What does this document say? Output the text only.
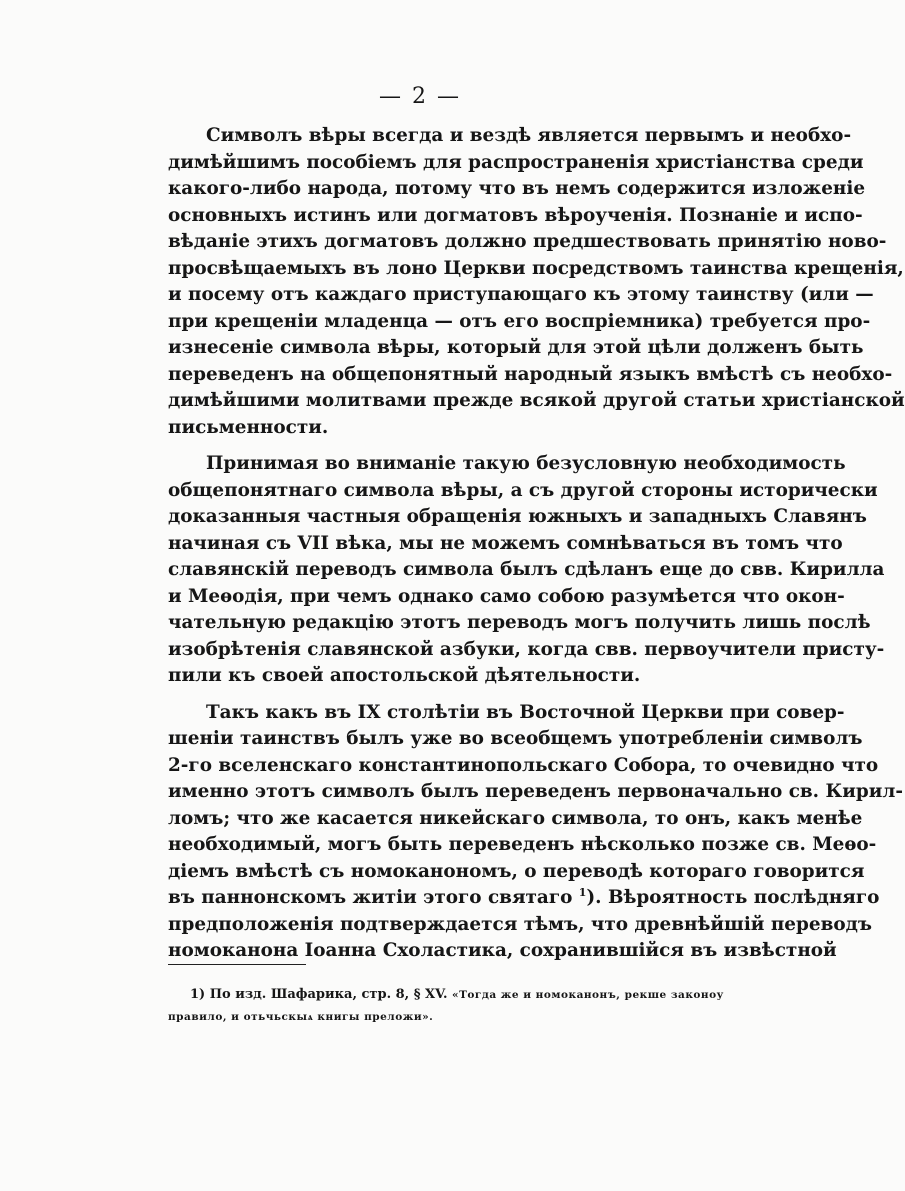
— 2 —

Символъ вѣры всегда и вездѣ является первымъ и необхо-
димѣйшимъ пособіемъ для распространенія христіанства среди
какого-либо народа, потому что въ немъ содержится изложеніе
основныхъ истинъ или догматовъ вѣроученія. Познаніе и испо-
вѣданіе этихъ догматовъ должно предшествовать принятію ново-
просвѣщаемыхъ въ лоно Церкви посредствомъ таинства крещенія,
и посему отъ каждаго приступающаго къ этому таинству (или —
при крещеніи младенца — отъ его воспріемника) требуется про-
изнесеніе символа вѣры, который для этой цѣли долженъ быть
переведенъ на общепонятный народный языкъ вмѣстѣ съ необхо-
димѣйшими молитвами прежде всякой другой статьи христіанской
письменности.

Принимая во вниманіе такую безусловную необходимость
общепонятнаго символа вѣры, а съ другой стороны исторически
доказанныя частныя обращенія южныхъ и западныхъ Славянъ
начиная съ VII вѣка, мы не можемъ сомнѣваться въ томъ что
славянскій переводъ символа былъ сдѣланъ еще до свв. Кирилла
и Меѳодія, при чемъ однако само собою разумѣется что окон-
чательную редакцію этотъ переводъ могъ получить лишь послѣ
изобрѣтенія славянской азбуки, когда свв. первоучители присту-
пили къ своей апостольской дѣятельности.

Такъ какъ въ IX столѣтіи въ Восточной Церкви при совер-
шеніи таинствъ былъ уже во всеобщемъ употребленіи символъ
2-го вселенскаго константинопольскаго Собора, то очевидно что
именно этотъ символъ былъ переведенъ первоначально св. Кирил-
ломъ; что же касается никейскаго символа, то онъ, какъ менѣе
необходимый, могъ быть переведенъ нѣсколько позже св. Меѳо-
діемъ вмѣстѣ съ номоканономъ, о переводѣ котораго говорится
въ паннонскомъ житіи этого святаго $^1$). Вѣроятность послѣдняго
предположенія подтверждается тѣмъ, что древнѣйшій переводъ
номоканона Іоанна Схоластика, сохранившійся въ извѣстной

1) По изд. Шафарика, стр. 8, § XV. «Тогда же и номоканонъ, рекше законоу
правило, и отьчьскыѧ книгы преложи».
